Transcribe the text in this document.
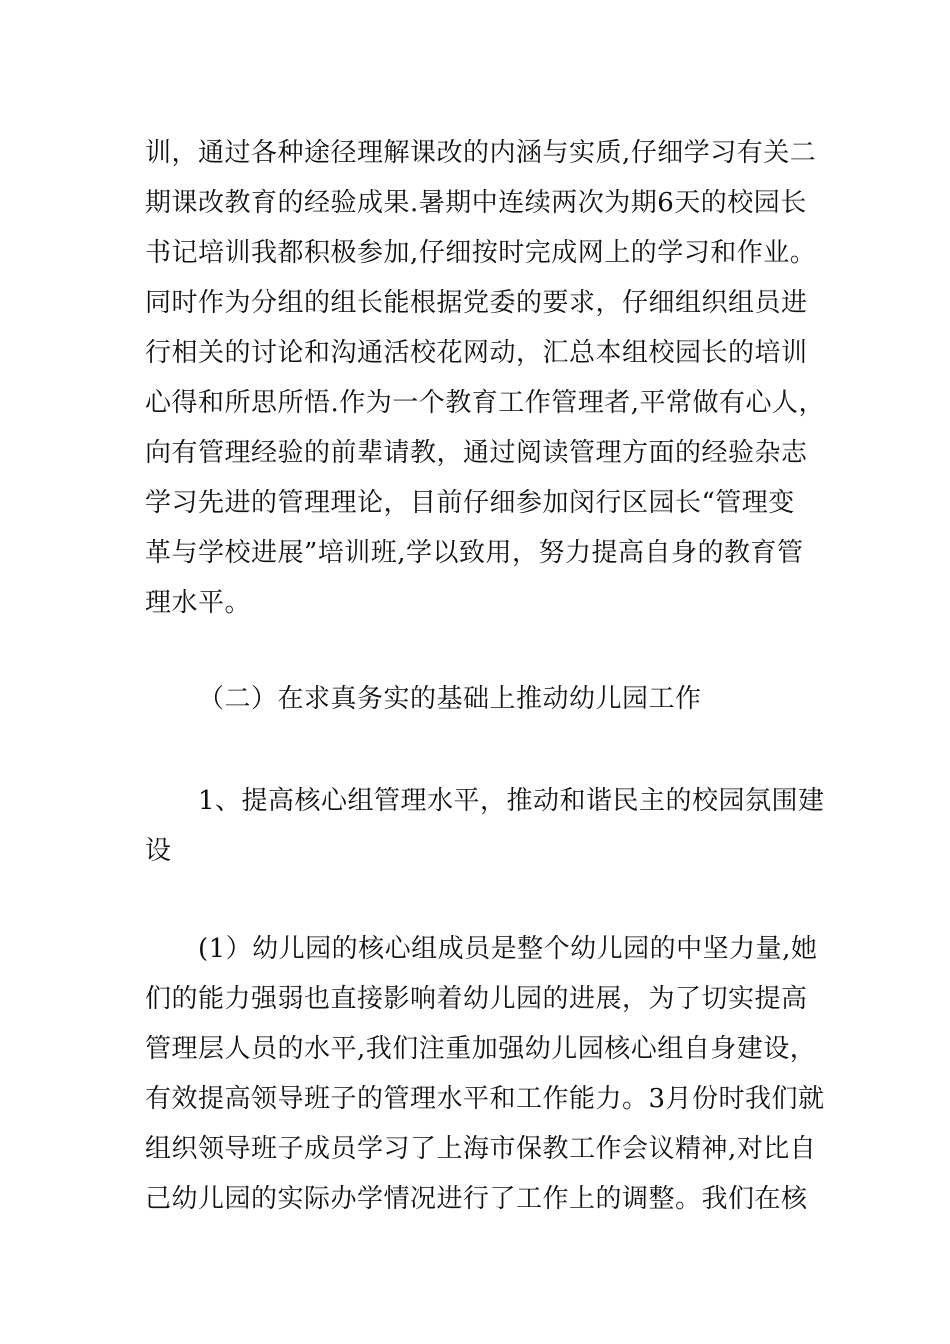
训，通过各种途径理解课改的内涵与实质,仔细学习有关二
期课改教育的经验成果.暑期中连续两次为期6天的校园长
书记培训我都积极参加,仔细按时完成网上的学习和作业。
同时作为分组的组长能根据党委的要求，仔细组织组员进
行相关的讨论和沟通活校花网动，汇总本组校园长的培训
心得和所思所悟.作为一个教育工作管理者,平常做有心人，
向有管理经验的前辈请教，通过阅读管理方面的经验杂志
学习先进的管理理论，目前仔细参加闵行区园长“管理变
革与学校进展”培训班,学以致用，努力提高自身的教育管
理水平。
（二）在求真务实的基础上推动幼儿园工作
1、提高核心组管理水平，推动和谐民主的校园氛围建
设
(1）幼儿园的核心组成员是整个幼儿园的中坚力量,她
们的能力强弱也直接影响着幼儿园的进展，为了切实提高
管理层人员的水平,我们注重加强幼儿园核心组自身建设，
有效提高领导班子的管理水平和工作能力。3月份时我们就
组织领导班子成员学习了上海市保教工作会议精神,对比自
己幼儿园的实际办学情况进行了工作上的调整。我们在核
